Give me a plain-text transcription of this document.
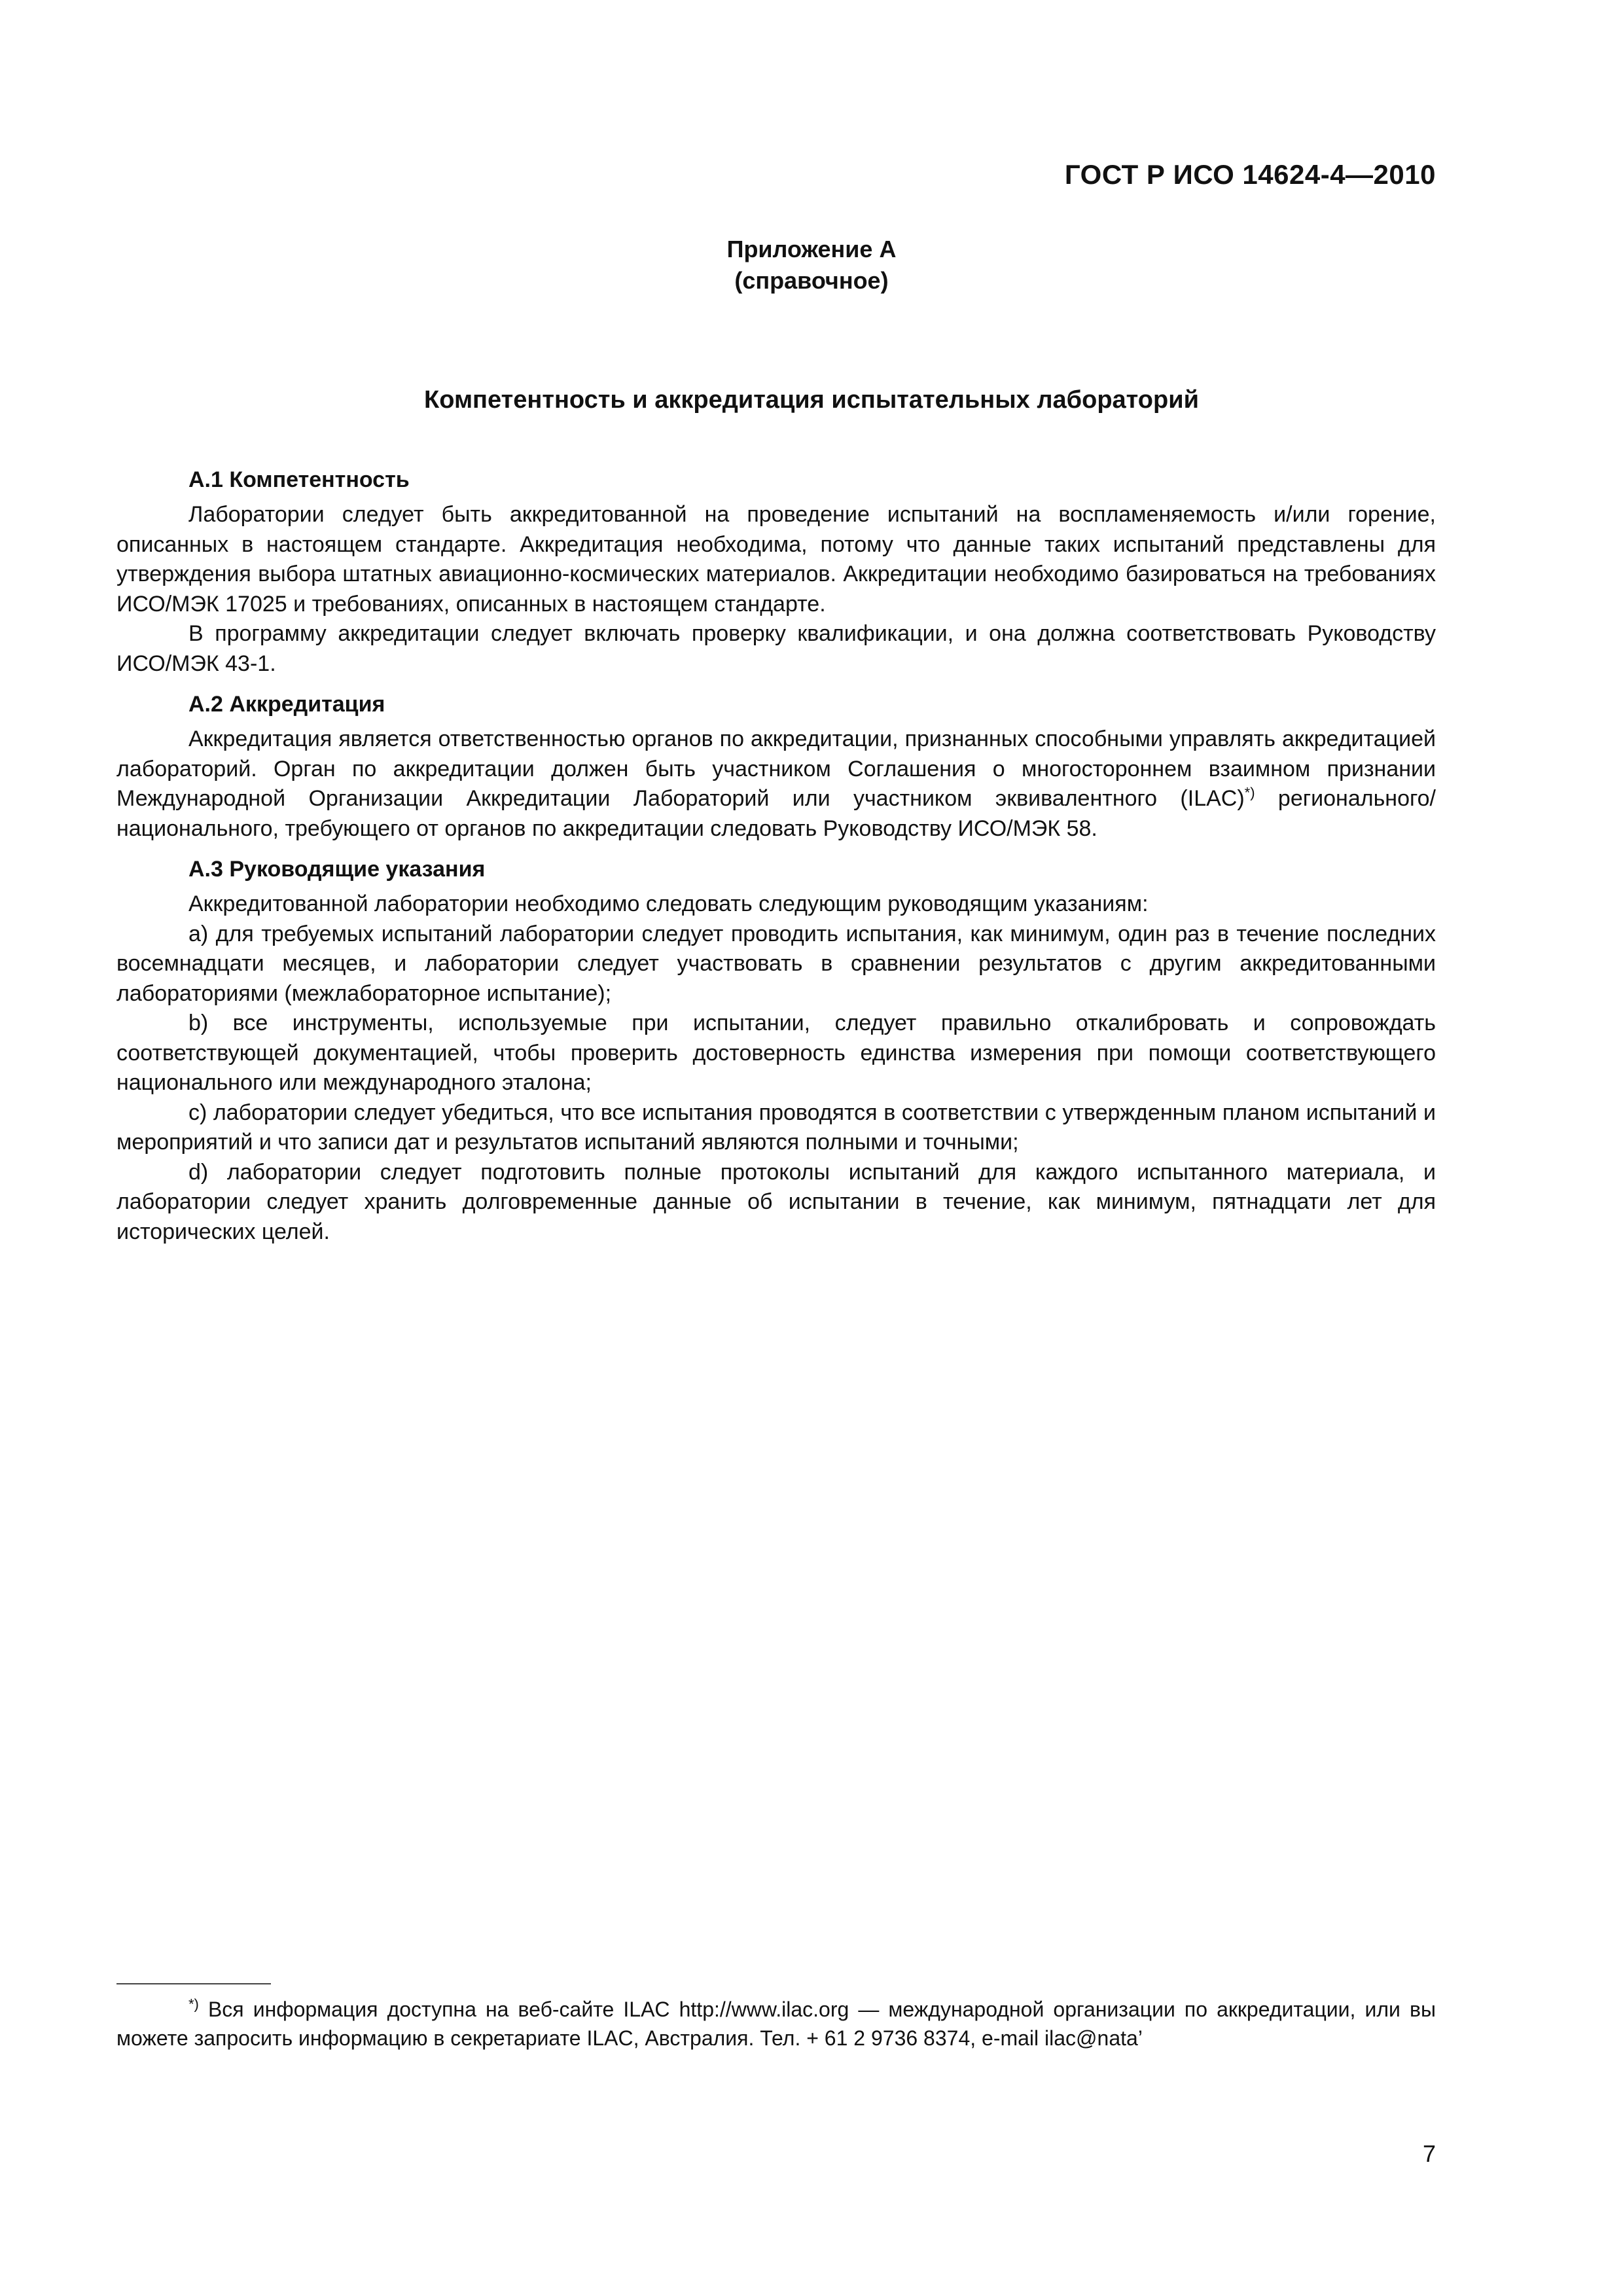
ГОСТ Р ИСО 14624-4—2010
Приложение А
(справочное)
Компетентность и аккредитация испытательных лабораторий

А.1 Компетентность

Лаборатории следует быть аккредитованной на проведение испытаний на воспламеняемость и/или горение, описанных в настоящем стандарте. Аккредитация необходима, потому что данные таких испытаний представлены для утверждения выбора штатных авиационно-космических материалов. Аккредитации необходимо базироваться на требованиях ИСО/МЭК 17025 и требованиях, описанных в настоящем стандарте.

В программу аккредитации следует включать проверку квалификации, и она должна соответствовать Руководству ИСО/МЭК 43-1.

А.2 Аккредитация

Аккредитация является ответственностью органов по аккредитации, признанных способными управлять аккредитацией лабораторий. Орган по аккредитации должен быть участником Соглашения о многостороннем взаимном признании Международной Организации Аккредитации Лабораторий или участником эквивалентного (ILAC)*) регионального/национального, требующего от органов по аккредитации следовать Руководству ИСО/МЭК 58.

А.3 Руководящие указания

Аккредитованной лаборатории необходимо следовать следующим руководящим указаниям:

а) для требуемых испытаний лаборатории следует проводить испытания, как минимум, один раз в течение последних восемнадцати месяцев, и лаборатории следует участвовать в сравнении результатов с другим аккредитованными лабораториями (межлабораторное испытание);

b) все инструменты, используемые при испытании, следует правильно откалибровать и сопровождать соответствующей документацией, чтобы проверить достоверность единства измерения при помощи соответствующего национального или международного эталона;

c) лаборатории следует убедиться, что все испытания проводятся в соответствии с утвержденным планом испытаний и мероприятий и что записи дат и результатов испытаний являются полными и точными;

d) лаборатории следует подготовить полные протоколы испытаний для каждого испытанного материала, и лаборатории следует хранить долговременные данные об испытании в течение, как минимум, пятнадцати лет для исторических целей.

*) Вся информация доступна на веб-сайте ILAC http://www.ilac.org — международной организации по аккредитации, или вы можете запросить информацию в секретариате ILAC, Австралия. Тел. + 61 2 9736 8374, e-mail ilac@nata’

7
